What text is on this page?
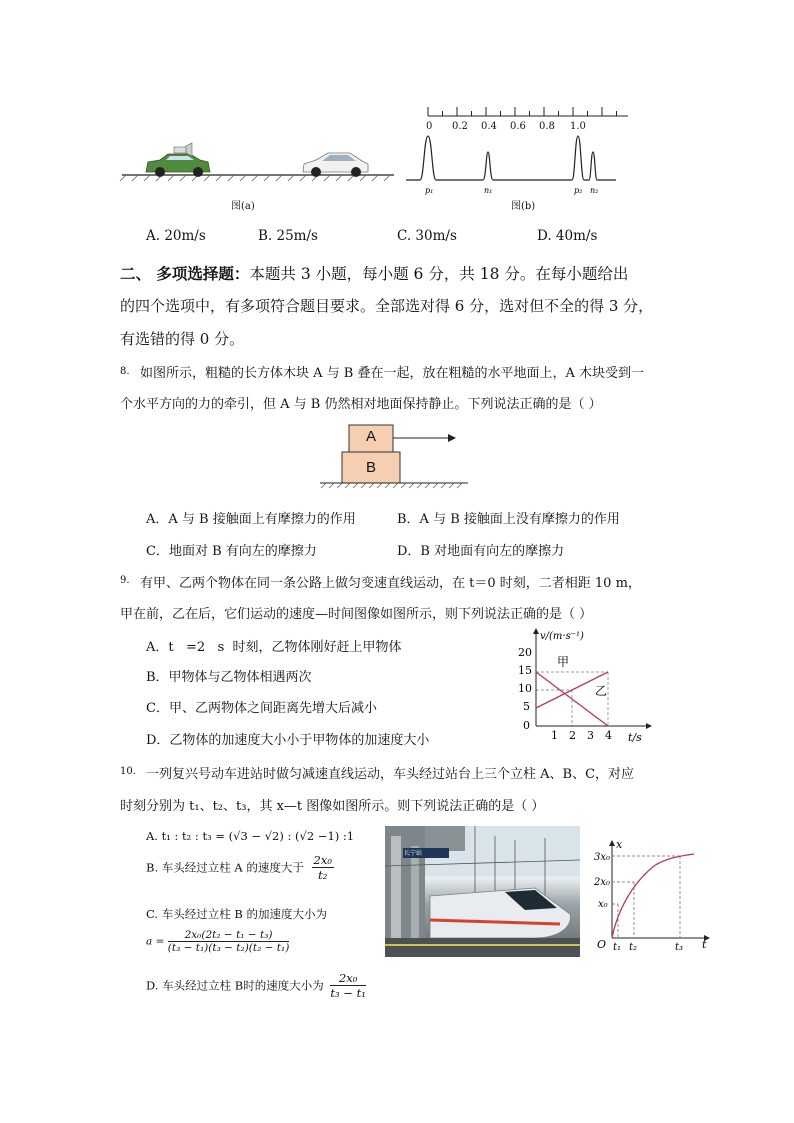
图(a)
p₁	n₁	p₂ n₂
0 0.2 0.4 0.6 0.8 1.0
图(b)
A. 20m/s	B. 25m/s	C. 30m/s	D. 40m/s
二、 多项选择题：本题共 3 小题，每小题 6 分，共 18 分。在每小题给出
的四个选项中，有多项符合题目要求。全部选对得 6 分，选对但不全的得 3 分，
有选错的得 0 分。
8. 如图所示，粗糙的长方体木块 A 与 B 叠在一起，放在粗糙的水平地面上，A 木块受到一
个水平方向的力的牵引，但 A 与 B 仍然相对地面保持静止。下列说法正确的是（ ）
A
B
A．A 与 B 接触面上有摩擦力的作用	B．A 与 B 接触面上没有摩擦力的作用
C．地面对 B 有向左的摩擦力	D．B 对地面有向左的摩擦力
9. 有甲、乙两个物体在同一条公路上做匀变速直线运动，在 t＝0 时刻，二者相距 10 m，
甲在前，乙在后，它们运动的速度—时间图像如图所示，则下列说法正确的是（ ）
A．t   =2   s  时刻，乙物体刚好赶上甲物体
B．甲物体与乙物体相遇两次
C．甲、乙两物体之间距离先增大后减小
D．乙物体的加速度大小小于甲物体的加速度大小
v/(m·s⁻¹)
t/s
20
15
10
5
0
1 2 3 4
甲
乙
10. 一列复兴号动车进站时做匀减速直线运动，车头经过站台上三个立柱 A、B、C，对应
时刻分别为 t₁、t₂、t₃，其 x—t 图像如图所示。则下列说法正确的是（ ）
A. t₁ : t₂ : t₃ = (√3 − √2) : (√2 −1) :1
B. 车头经过立柱 A 的速度大于 $\frac{\text{2x₀}}{\text{t₂}}$
C. 车头经过立柱 B 的加速度大小为
$a = \frac{\text{2x₀(2t₂ − t₁ − t₃)}}{\text{(t₃ − t₁)(t₃ − t₂)(t₂ − t₁)}}$
D. 车头经过立柱 B时的速度大小为 $\frac{\text{2x₀}}{\text{t₃ − t₁}}$
长宁站
x
t
O
3x₀
2x₀
x₀
t₁ t₂	t₃
